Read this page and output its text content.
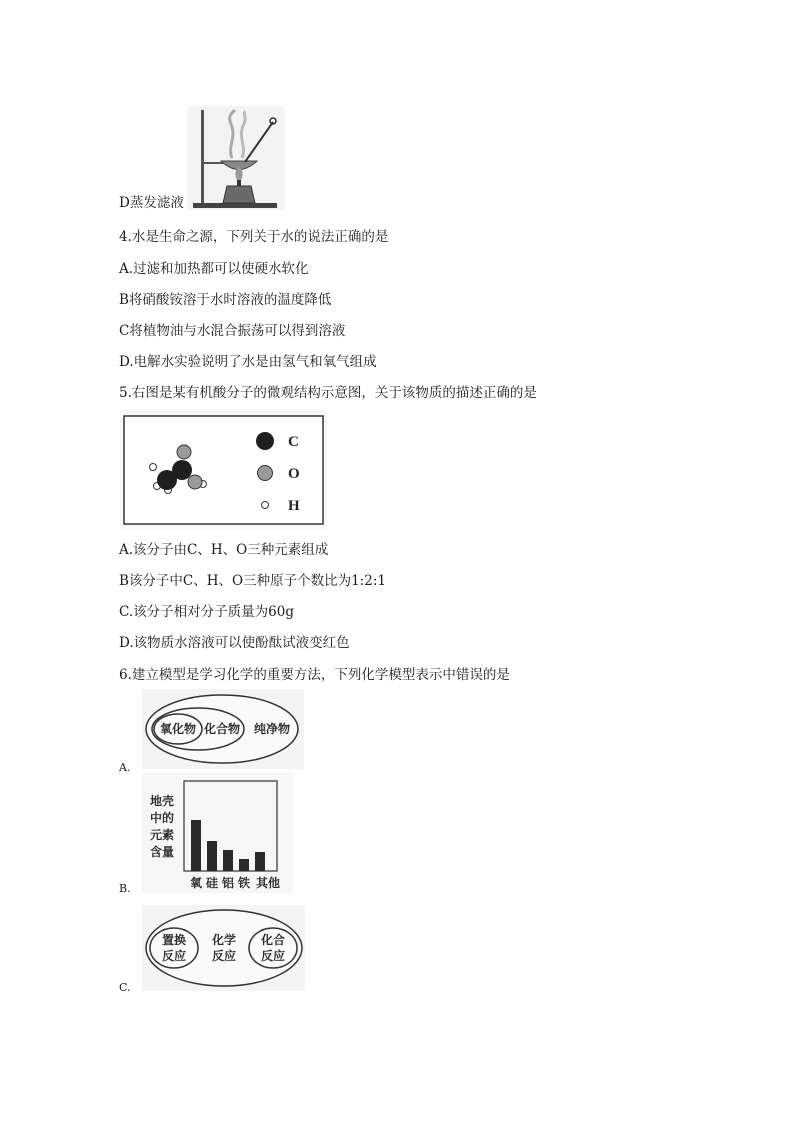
D蒸发滤液
4.水是生命之源，下列关于水的说法正确的是
A.过滤和加热都可以使硬水软化
B将硝酸铵溶于水时溶液的温度降低
C将植物油与水混合振荡可以得到溶液
D.电解水实验说明了水是由氢气和氧气组成
5.右图是某有机酸分子的微观结构示意图，关于该物质的描述正确的是
C
O
H
A.该分子由C、H、O三种元素组成
B该分子中C、H、O三种原子个数比为1:2:1
C.该分子相对分子质量为60g
D.该物质水溶液可以使酚酞试液变红色
6.建立模型是学习化学的重要方法，下列化学模型表示中错误的是
氧化物 化合物 纯净物
A.
地壳
中的
元素
含量
氧 硅 铝 铁 其他
B.
置换
反应
化学
反应
化合
反应
C.
